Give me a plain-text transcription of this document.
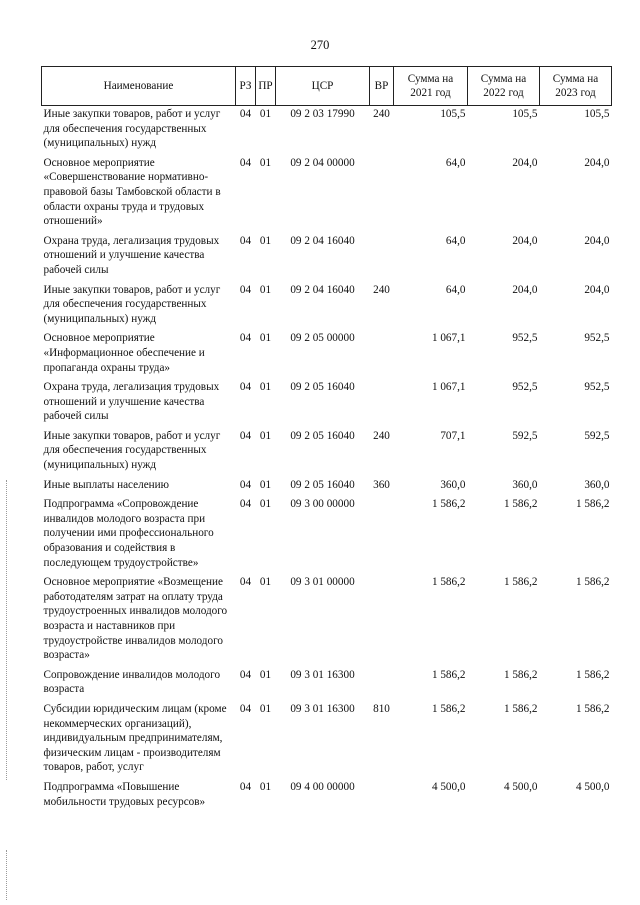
270
Наименование	РЗ	ПР	ЦСР	ВР	Сумма на 2021 год	Сумма на 2022 год	Сумма на 2023 год
Иные закупки товаров, работ и услуг для обеспечения государственных (муниципальных) нужд	04	01	09 2 03 17990	240	105,5	105,5	105,5
Основное мероприятие «Совершенствование нормативно-правовой базы Тамбовской области в области охраны труда и трудовых отношений»	04	01	09 2 04 00000		64,0	204,0	204,0
Охрана труда, легализация трудовых отношений и улучшение качества рабочей силы	04	01	09 2 04 16040		64,0	204,0	204,0
Иные закупки товаров, работ и услуг для обеспечения государственных (муниципальных) нужд	04	01	09 2 04 16040	240	64,0	204,0	204,0
Основное мероприятие «Информационное обеспечение и пропаганда охраны труда»	04	01	09 2 05 00000		1 067,1	952,5	952,5
Охрана труда, легализация трудовых отношений и улучшение качества рабочей силы	04	01	09 2 05 16040		1 067,1	952,5	952,5
Иные закупки товаров, работ и услуг для обеспечения государственных (муниципальных) нужд	04	01	09 2 05 16040	240	707,1	592,5	592,5
Иные выплаты населению	04	01	09 2 05 16040	360	360,0	360,0	360,0
Подпрограмма «Сопровождение инвалидов молодого возраста при получении ими профессионального образования и содействия в последующем трудоустройстве»	04	01	09 3 00 00000		1 586,2	1 586,2	1 586,2
Основное мероприятие «Возмещение работодателям затрат на оплату труда трудоустроенных инвалидов молодого возраста и наставников при трудоустройстве инвалидов молодого возраста»	04	01	09 3 01 00000		1 586,2	1 586,2	1 586,2
Сопровождение инвалидов молодого возраста	04	01	09 3 01 16300		1 586,2	1 586,2	1 586,2
Субсидии юридическим лицам (кроме некоммерческих организаций), индивидуальным предпринимателям, физическим лицам - производителям товаров, работ, услуг	04	01	09 3 01 16300	810	1 586,2	1 586,2	1 586,2
Подпрограмма «Повышение мобильности трудовых ресурсов»	04	01	09 4 00 00000		4 500,0	4 500,0	4 500,0
